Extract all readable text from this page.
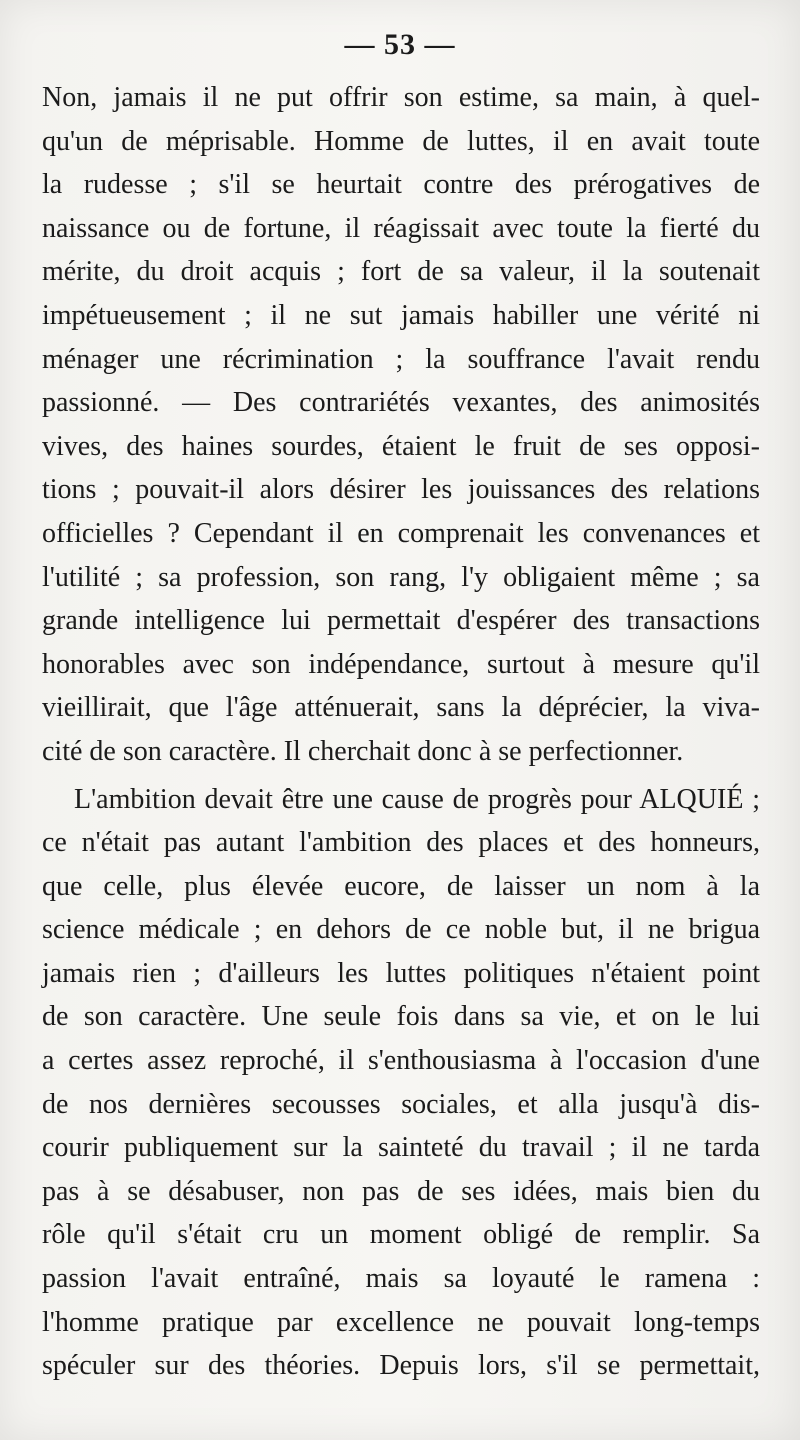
— 53 —
Non, jamais il ne put offrir son estime, sa main, à quel-
qu'un de méprisable. Homme de luttes, il en avait toute
la rudesse ; s'il se heurtait contre des prérogatives de
naissance ou de fortune, il réagissait avec toute la fierté du
mérite, du droit acquis ; fort de sa valeur, il la soutenait
impétueusement ; il ne sut jamais habiller une vérité ni
ménager une récrimination ; la souffrance l'avait rendu
passionné. — Des contrariétés vexantes, des animosités
vives, des haines sourdes, étaient le fruit de ses opposi-
tions ; pouvait-il alors désirer les jouissances des relations
officielles ? Cependant il en comprenait les convenances et
l'utilité ; sa profession, son rang, l'y obligaient même ; sa
grande intelligence lui permettait d'espérer des transactions
honorables avec son indépendance, surtout à mesure qu'il
vieillirait, que l'âge atténuerait, sans la déprécier, la viva-
cité de son caractère. Il cherchait donc à se perfectionner.
L'ambition devait être une cause de progrès pour ALQUIÉ ;
ce n'était pas autant l'ambition des places et des honneurs,
que celle, plus élevée eucore, de laisser un nom à la
science médicale ; en dehors de ce noble but, il ne brigua
jamais rien ; d'ailleurs les luttes politiques n'étaient point
de son caractère. Une seule fois dans sa vie, et on le lui
a certes assez reproché, il s'enthousiasma à l'occasion d'une
de nos dernières secousses sociales, et alla jusqu'à dis-
courir publiquement sur la sainteté du travail ; il ne tarda
pas à se désabuser, non pas de ses idées, mais bien du
rôle qu'il s'était cru un moment obligé de remplir. Sa
passion l'avait entraîné, mais sa loyauté le ramena :
l'homme pratique par excellence ne pouvait long-temps
spéculer sur des théories. Depuis lors, s'il se permettait,
